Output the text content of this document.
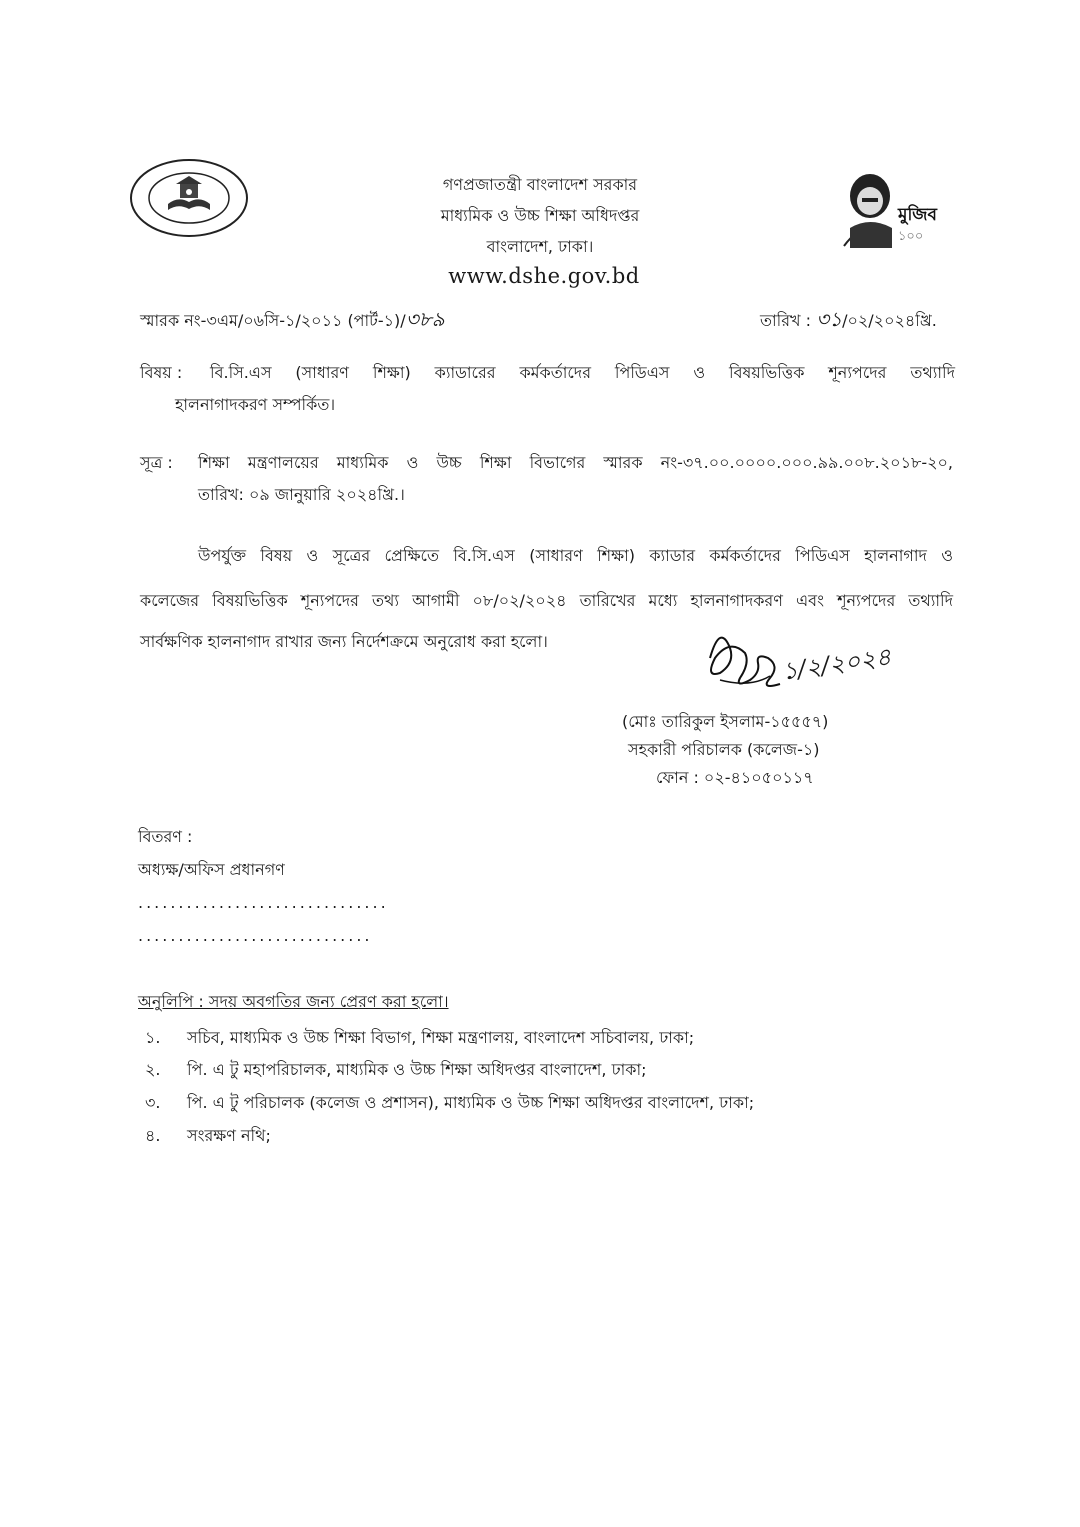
গণপ্রজাতন্ত্রী বাংলাদেশ সরকার
মাধ্যমিক ও উচ্চ শিক্ষা অধিদপ্তর
বাংলাদেশ, ঢাকা।
www.dshe.gov.bd
মুজিব
১০০
স্মারক নং-৩এম/০৬সি-১/২০১১ (পার্ট-১)/৩৮৯	তারিখ : ৩১/০২/২০২৪খ্রি.
বিষয় : বি.সি.এস (সাধারণ শিক্ষা) ক্যাডারের কর্মকর্তাদের পিডিএস ও বিষয়ভিত্তিক শূন্যপদের তথ্যাদি
হালনাগাদকরণ সম্পর্কিত।
সূত্র : শিক্ষা মন্ত্রণালয়ের মাধ্যমিক ও উচ্চ শিক্ষা বিভাগের স্মারক নং-৩৭.০০.০০০০.০০০.৯৯.০০৮.২০১৮-২০,
তারিখ: ০৯ জানুয়ারি ২০২৪খ্রি.।
উপর্যুক্ত বিষয় ও সূত্রের প্রেক্ষিতে বি.সি.এস (সাধারণ শিক্ষা) ক্যাডার কর্মকর্তাদের পিডিএস হালনাগাদ ও
কলেজের বিষয়ভিত্তিক শূন্যপদের তথ্য আগামী ০৮/০২/২০২৪ তারিখের মধ্যে হালনাগাদকরণ এবং শূন্যপদের তথ্যাদি
সার্বক্ষণিক হালনাগাদ রাখার জন্য নির্দেশক্রমে অনুরোধ করা হলো।
১/২/২০২৪
(মোঃ তারিকুল ইসলাম-১৫৫৫৭)
সহকারী পরিচালক (কলেজ-১)
ফোন : ০২-৪১০৫০১১৭
বিতরণ :
অধ্যক্ষ/অফিস প্রধানগণ
...............................
.............................
অনুলিপি : সদয় অবগতির জন্য প্রেরণ করা হলো।
১. সচিব, মাধ্যমিক ও উচ্চ শিক্ষা বিভাগ, শিক্ষা মন্ত্রণালয়, বাংলাদেশ সচিবালয়, ঢাকা;
২. পি. এ টু মহাপরিচালক, মাধ্যমিক ও উচ্চ শিক্ষা অধিদপ্তর বাংলাদেশ, ঢাকা;
৩. পি. এ টু পরিচালক (কলেজ ও প্রশাসন), মাধ্যমিক ও উচ্চ শিক্ষা অধিদপ্তর বাংলাদেশ, ঢাকা;
৪. সংরক্ষণ নথি;
